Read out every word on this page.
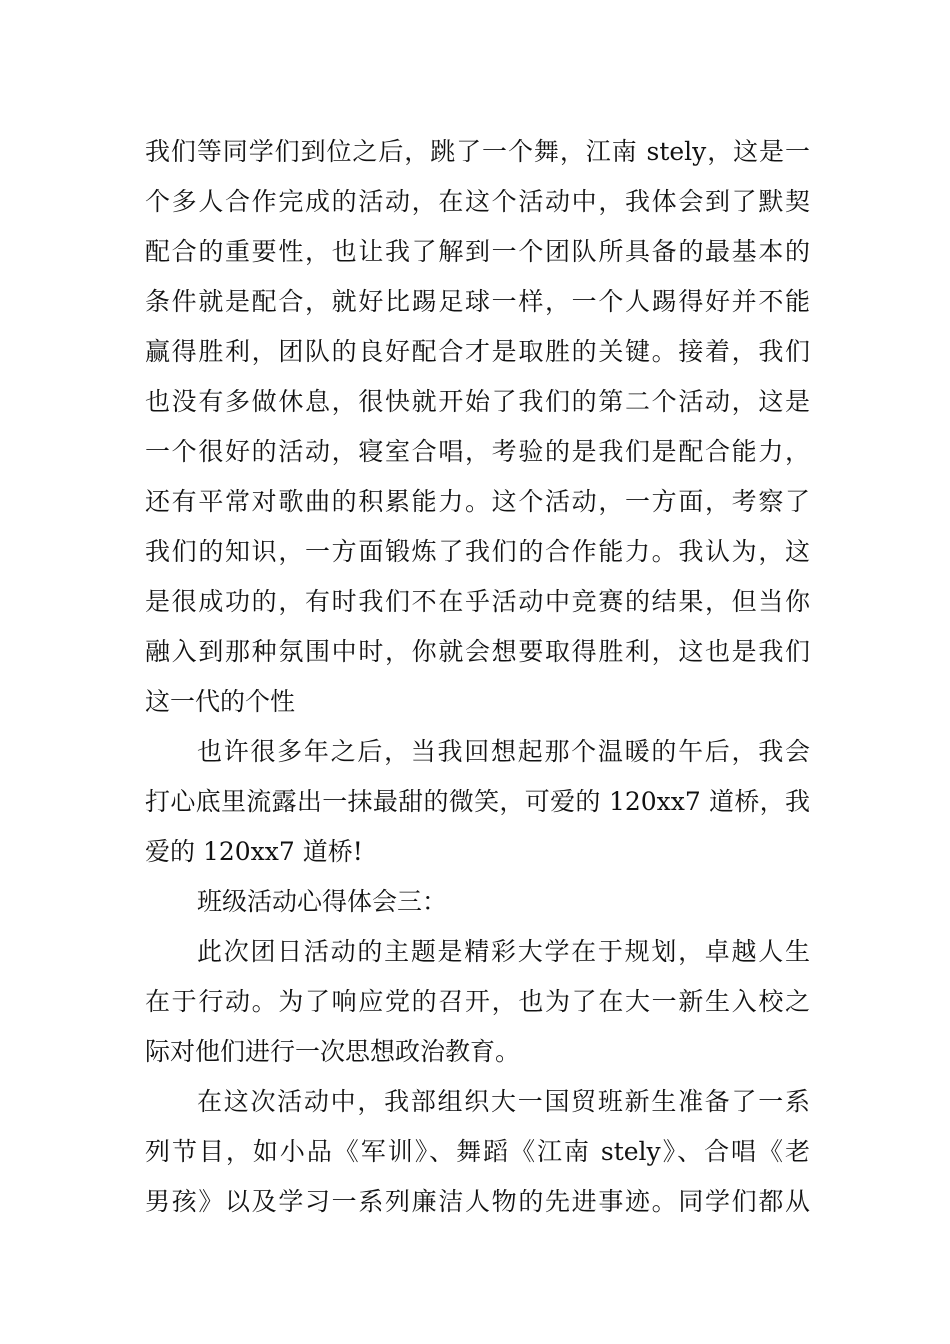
我们等同学们到位之后，跳了一个舞，江南 stely，这是一
个多人合作完成的活动，在这个活动中，我体会到了默契
配合的重要性，也让我了解到一个团队所具备的最基本的
条件就是配合，就好比踢足球一样，一个人踢得好并不能
赢得胜利，团队的良好配合才是取胜的关键。接着，我们
也没有多做休息，很快就开始了我们的第二个活动，这是
一个很好的活动，寝室合唱，考验的是我们是配合能力，
还有平常对歌曲的积累能力。这个活动，一方面，考察了
我们的知识，一方面锻炼了我们的合作能力。我认为，这
是很成功的，有时我们不在乎活动中竞赛的结果，但当你
融入到那种氛围中时，你就会想要取得胜利，这也是我们
这一代的个性
也许很多年之后，当我回想起那个温暖的午后，我会
打心底里流露出一抹最甜的微笑，可爱的 120xx7 道桥，我
爱的 120xx7 道桥!
班级活动心得体会三：
此次团日活动的主题是精彩大学在于规划，卓越人生
在于行动。为了响应党的召开，也为了在大一新生入校之
际对他们进行一次思想政治教育。
在这次活动中，我部组织大一国贸班新生准备了一系
列节目，如小品《军训》、舞蹈《江南 stely》、合唱《老
男孩》以及学习一系列廉洁人物的先进事迹。同学们都从
